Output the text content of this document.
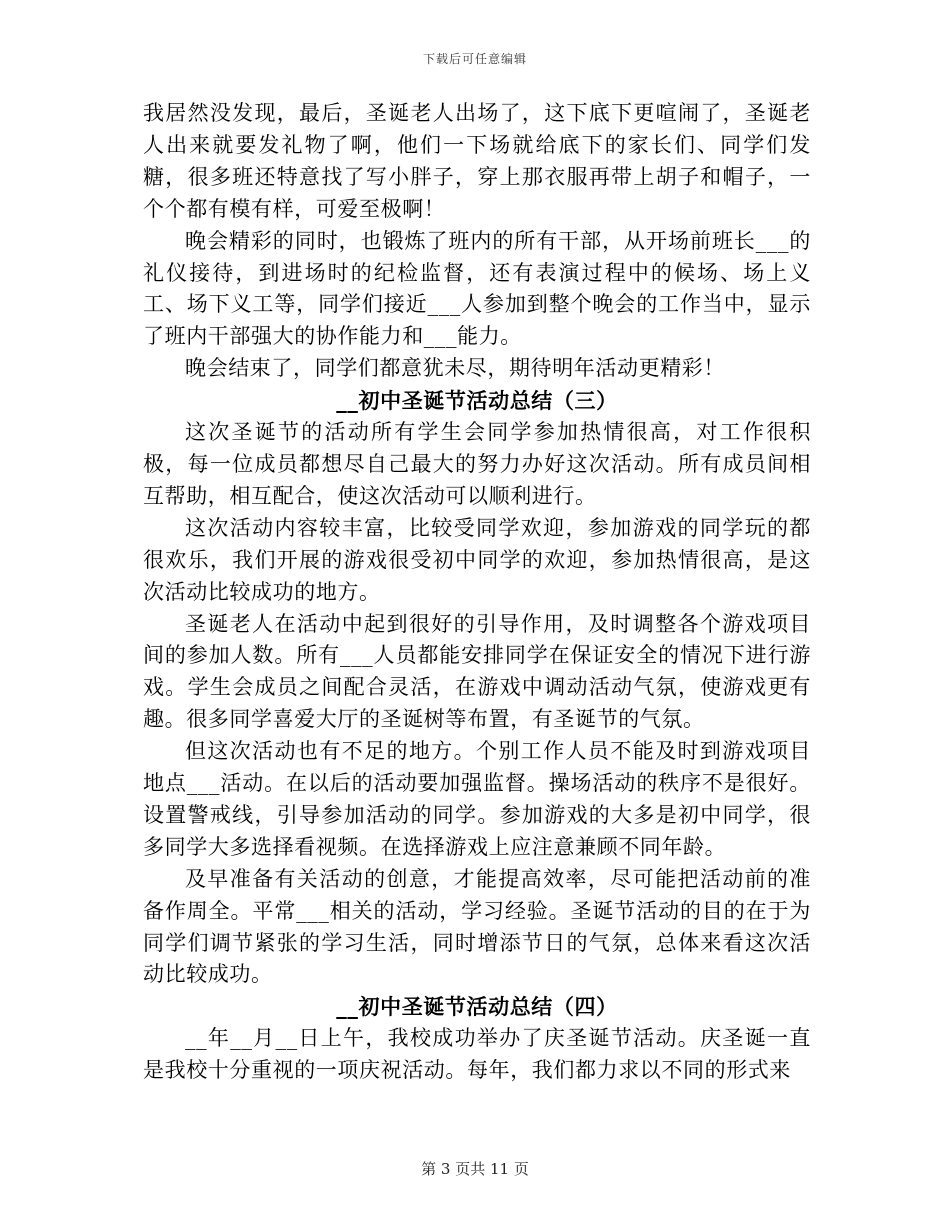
下载后可任意编辑

我居然没发现，最后，圣诞老人出场了，这下底下更喧闹了，圣诞老人出来就要发礼物了啊，他们一下场就给底下的家长们、同学们发糖，很多班还特意找了写小胖子，穿上那衣服再带上胡子和帽子，一个个都有模有样，可爱至极啊！

晚会精彩的同时，也锻炼了班内的所有干部，从开场前班长___的礼仪接待，到进场时的纪检监督，还有表演过程中的候场、场上义工、场下义工等，同学们接近___人参加到整个晚会的工作当中，显示了班内干部强大的协作能力和___能力。

晚会结束了，同学们都意犹未尽，期待明年活动更精彩！

__初中圣诞节活动总结（三）

这次圣诞节的活动所有学生会同学参加热情很高，对工作很积极，每一位成员都想尽自己最大的努力办好这次活动。所有成员间相互帮助，相互配合，使这次活动可以顺利进行。

这次活动内容较丰富，比较受同学欢迎，参加游戏的同学玩的都很欢乐，我们开展的游戏很受初中同学的欢迎，参加热情很高，是这次活动比较成功的地方。

圣诞老人在活动中起到很好的引导作用，及时调整各个游戏项目间的参加人数。所有___人员都能安排同学在保证安全的情况下进行游戏。学生会成员之间配合灵活，在游戏中调动活动气氛，使游戏更有趣。很多同学喜爱大厅的圣诞树等布置，有圣诞节的气氛。

但这次活动也有不足的地方。个别工作人员不能及时到游戏项目地点___活动。在以后的活动要加强监督。操场活动的秩序不是很好。设置警戒线，引导参加活动的同学。参加游戏的大多是初中同学，很多同学大多选择看视频。在选择游戏上应注意兼顾不同年龄。

及早准备有关活动的创意，才能提高效率，尽可能把活动前的准备作周全。平常___相关的活动，学习经验。圣诞节活动的目的在于为同学们调节紧张的学习生活，同时增添节日的气氛，总体来看这次活动比较成功。

__初中圣诞节活动总结（四）

__年__月__日上午，我校成功举办了庆圣诞节活动。庆圣诞一直是我校十分重视的一项庆祝活动。每年，我们都力求以不同的形式来

第 3 页共 11 页
